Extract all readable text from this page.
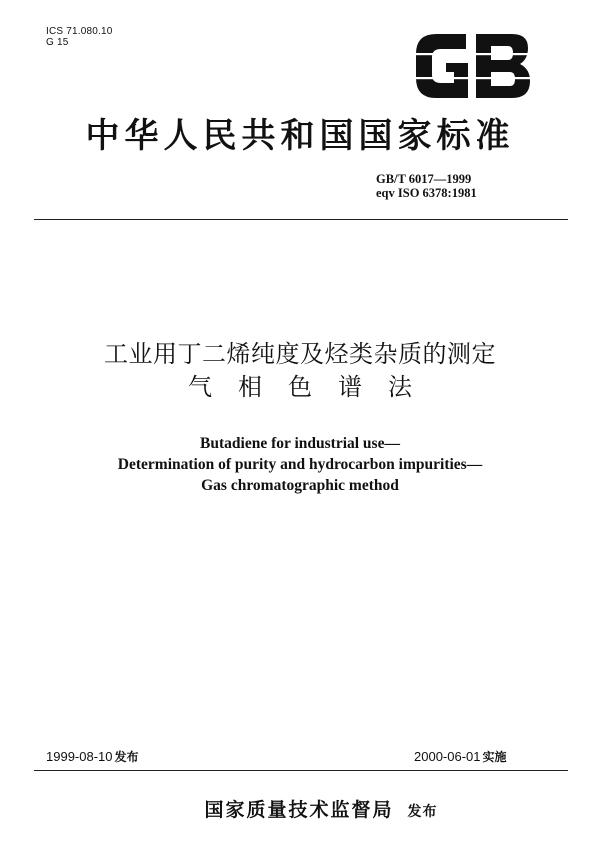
ICS 71.080.10
G 15
中华人民共和国国家标准
GB/T 6017—1999
eqv ISO 6378:1981
工业用丁二烯纯度及烃类杂质的测定
气相色谱法
Butadiene for industrial use—
Determination of purity and hydrocarbon impurities—
Gas chromatographic method
1999-08-10 发布	2000-06-01 实施
国家质量技术监督局 发布
